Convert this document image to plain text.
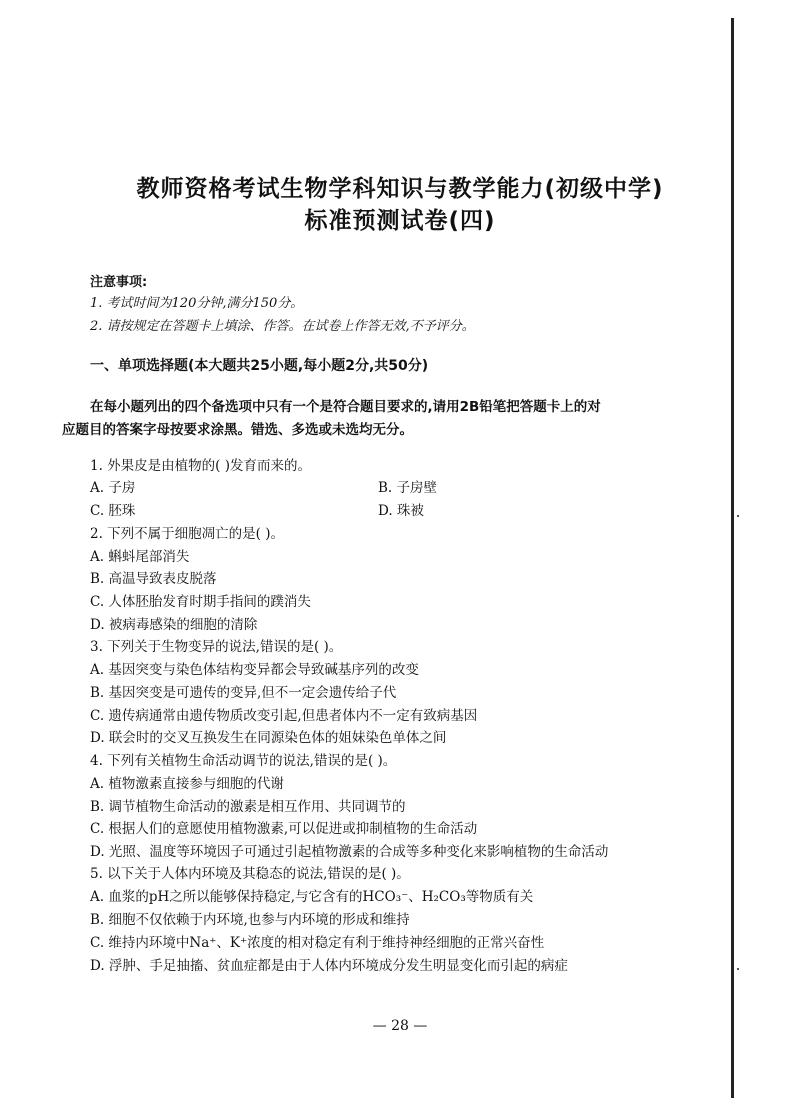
教师资格考试生物学科知识与教学能力(初级中学)
标准预测试卷(四)
注意事项:
1. 考试时间为120分钟,满分150分。
2. 请按规定在答题卡上填涂、作答。在试卷上作答无效,不予评分。
一、单项选择题(本大题共25小题,每小题2分,共50分)
在每小题列出的四个备选项中只有一个是符合题目要求的,请用2B铅笔把答题卡上的对
应题目的答案字母按要求涂黑。错选、多选或未选均无分。
1. 外果皮是由植物的( )发育而来的。
A. 子房	B. 子房壁
C. 胚珠	D. 珠被
2. 下列不属于细胞凋亡的是( )。
A. 蝌蚪尾部消失
B. 高温导致表皮脱落
C. 人体胚胎发育时期手指间的蹼消失
D. 被病毒感染的细胞的清除
3. 下列关于生物变异的说法,错误的是( )。
A. 基因突变与染色体结构变异都会导致碱基序列的改变
B. 基因突变是可遗传的变异,但不一定会遗传给子代
C. 遗传病通常由遗传物质改变引起,但患者体内不一定有致病基因
D. 联会时的交叉互换发生在同源染色体的姐妹染色单体之间
4. 下列有关植物生命活动调节的说法,错误的是( )。
A. 植物激素直接参与细胞的代谢
B. 调节植物生命活动的激素是相互作用、共同调节的
C. 根据人们的意愿使用植物激素,可以促进或抑制植物的生命活动
D. 光照、温度等环境因子可通过引起植物激素的合成等多种变化来影响植物的生命活动
5. 以下关于人体内环境及其稳态的说法,错误的是( )。
A. 血浆的pH之所以能够保持稳定,与它含有的HCO₃⁻、H₂CO₃等物质有关
B. 细胞不仅依赖于内环境,也参与内环境的形成和维持
C. 维持内环境中Na⁺、K⁺浓度的相对稳定有利于维持神经细胞的正常兴奋性
D. 浮肿、手足抽搐、贫血症都是由于人体内环境成分发生明显变化而引起的病症
— 28 —
